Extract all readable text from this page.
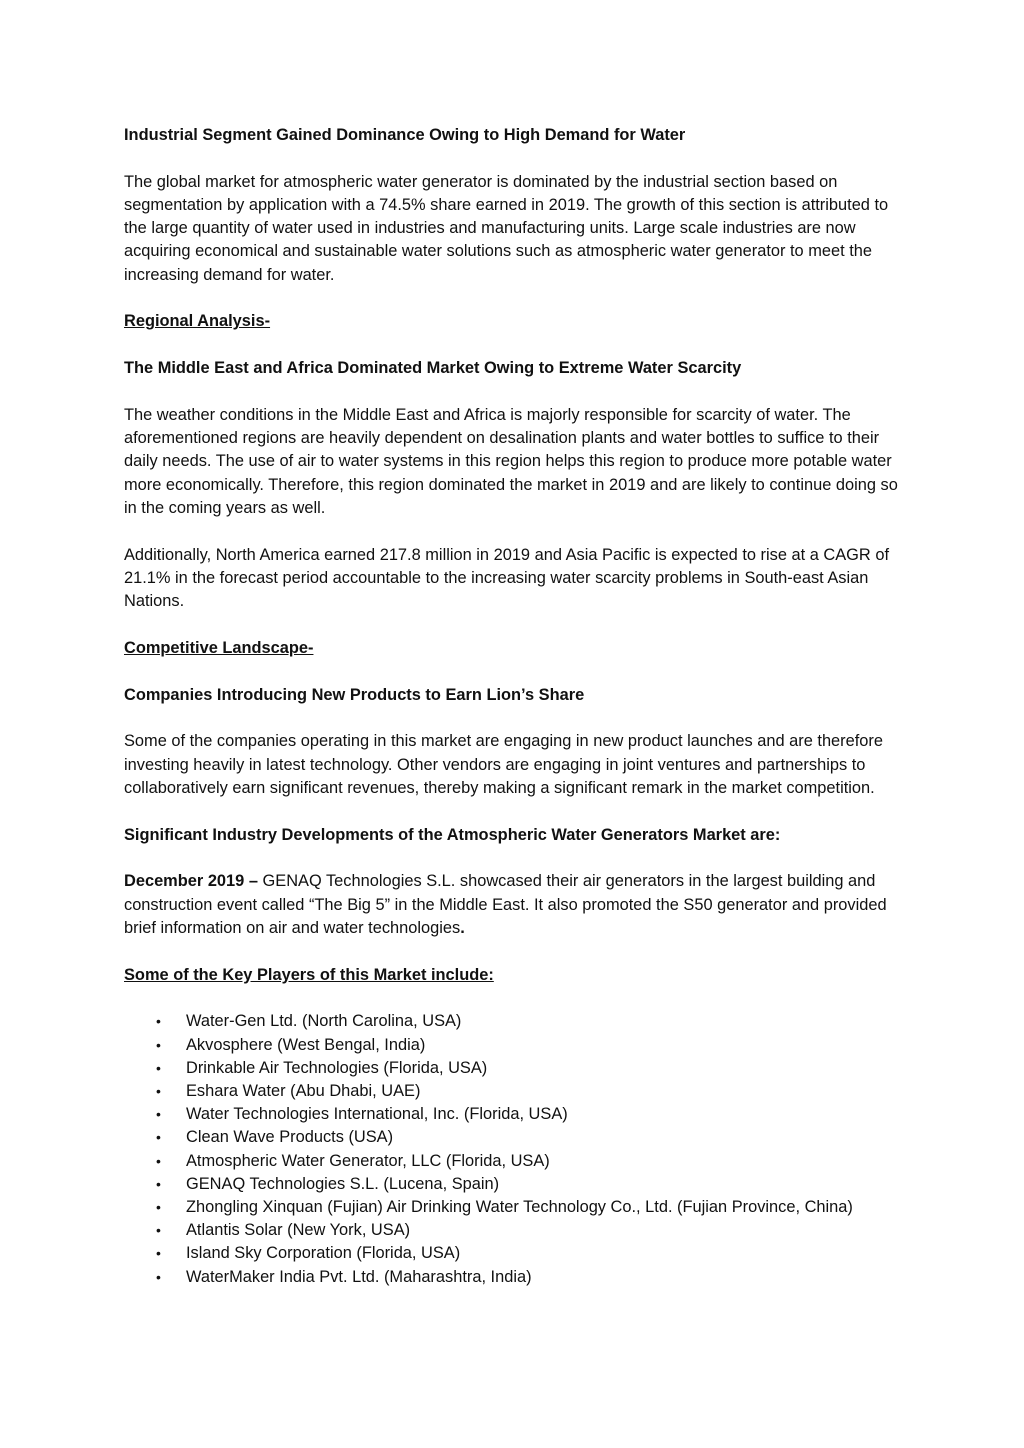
Industrial Segment Gained Dominance Owing to High Demand for Water

The global market for atmospheric water generator is dominated by the industrial section based on segmentation by application with a 74.5% share earned in 2019. The growth of this section is attributed to the large quantity of water used in industries and manufacturing units. Large scale industries are now acquiring economical and sustainable water solutions such as atmospheric water generator to meet the increasing demand for water.

Regional Analysis-

The Middle East and Africa Dominated Market Owing to Extreme Water Scarcity

The weather conditions in the Middle East and Africa is majorly responsible for scarcity of water. The aforementioned regions are heavily dependent on desalination plants and water bottles to suffice to their daily needs. The use of air to water systems in this region helps this region to produce more potable water more economically. Therefore, this region dominated the market in 2019 and are likely to continue doing so in the coming years as well.

Additionally, North America earned 217.8 million in 2019 and Asia Pacific is expected to rise at a CAGR of 21.1% in the forecast period accountable to the increasing water scarcity problems in South-east Asian Nations.

Competitive Landscape-

Companies Introducing New Products to Earn Lion’s Share

Some of the companies operating in this market are engaging in new product launches and are therefore investing heavily in latest technology. Other vendors are engaging in joint ventures and partnerships to collaboratively earn significant revenues, thereby making a significant remark in the market competition.

Significant Industry Developments of the Atmospheric Water Generators Market are:

December 2019 – GENAQ Technologies S.L. showcased their air generators in the largest building and construction event called “The Big 5” in the Middle East. It also promoted the S50 generator and provided brief information on air and water technologies.

Some of the Key Players of this Market include:

• Water-Gen Ltd. (North Carolina, USA)
• Akvosphere (West Bengal, India)
• Drinkable Air Technologies (Florida, USA)
• Eshara Water (Abu Dhabi, UAE)
• Water Technologies International, Inc. (Florida, USA)
• Clean Wave Products (USA)
• Atmospheric Water Generator, LLC (Florida, USA)
• GENAQ Technologies S.L. (Lucena, Spain)
• Zhongling Xinquan (Fujian) Air Drinking Water Technology Co., Ltd. (Fujian Province, China)
• Atlantis Solar (New York, USA)
• Island Sky Corporation (Florida, USA)
• WaterMaker India Pvt. Ltd. (Maharashtra, India)
